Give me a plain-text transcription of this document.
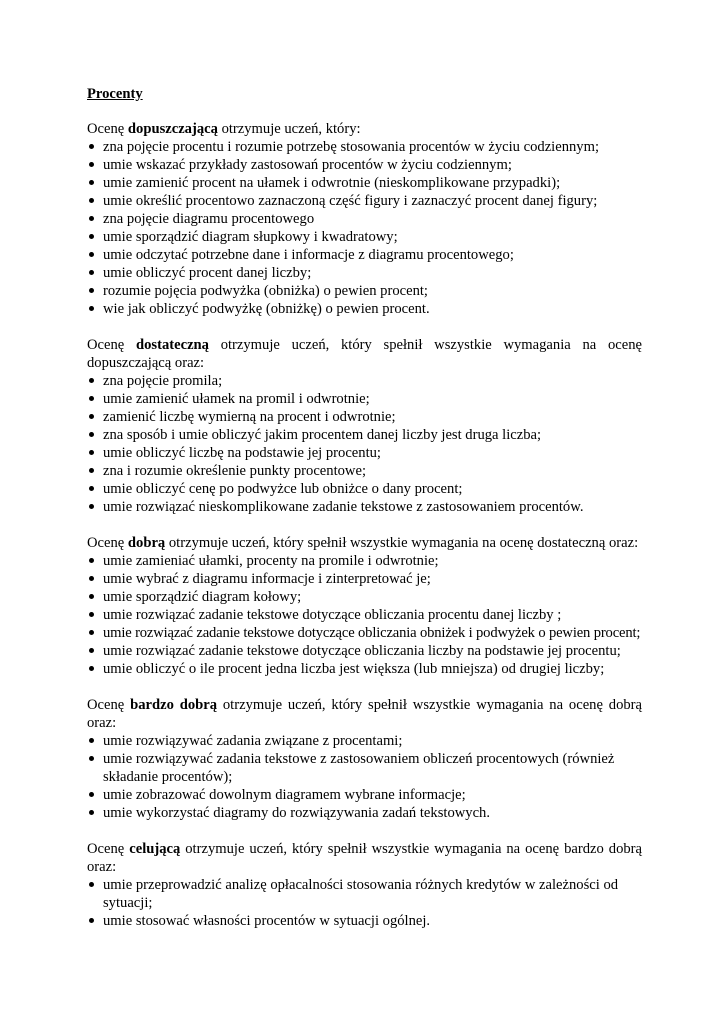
Procenty
Ocenę dopuszczającą otrzymuje uczeń, który:
zna pojęcie procentu i rozumie potrzebę stosowania procentów w życiu codziennym;
umie wskazać przykłady zastosowań procentów w życiu codziennym;
umie zamienić procent na ułamek i odwrotnie (nieskomplikowane przypadki);
umie określić procentowo zaznaczoną część figury i zaznaczyć procent danej figury;
zna pojęcie diagramu procentowego
umie sporządzić diagram słupkowy i kwadratowy;
umie odczytać potrzebne dane i informacje z diagramu procentowego;
umie obliczyć procent danej liczby;
rozumie pojęcia podwyżka (obniżka) o pewien procent;
wie jak obliczyć podwyżkę (obniżkę) o pewien procent.
Ocenę dostateczną otrzymuje uczeń, który spełnił wszystkie wymagania na ocenę dopuszczającą oraz:
zna pojęcie promila;
umie zamienić ułamek na promil i odwrotnie;
zamienić liczbę wymierną na procent i odwrotnie;
zna sposób i umie obliczyć jakim procentem danej liczby jest druga liczba;
umie obliczyć liczbę na podstawie jej procentu;
zna i rozumie określenie punkty procentowe;
umie obliczyć cenę po podwyżce lub obniżce o dany procent;
umie rozwiązać nieskomplikowane zadanie tekstowe z zastosowaniem procentów.
Ocenę dobrą otrzymuje uczeń, który spełnił wszystkie wymagania na ocenę dostateczną oraz:
umie zamieniać ułamki, procenty na promile i odwrotnie;
umie wybrać z diagramu informacje i zinterpretować je;
umie sporządzić diagram kołowy;
umie rozwiązać zadanie tekstowe dotyczące obliczania procentu danej liczby ;
umie rozwiązać zadanie tekstowe dotyczące obliczania obniżek i podwyżek o pewien procent;
umie rozwiązać zadanie tekstowe dotyczące obliczania liczby na podstawie jej procentu;
umie obliczyć o ile procent jedna liczba jest większa (lub mniejsza) od drugiej liczby;
Ocenę bardzo dobrą otrzymuje uczeń, który spełnił wszystkie wymagania na ocenę dobrą oraz:
umie rozwiązywać zadania związane z procentami;
umie rozwiązywać zadania tekstowe z zastosowaniem obliczeń procentowych (również składanie procentów);
umie zobrazować dowolnym diagramem wybrane informacje;
umie wykorzystać diagramy do rozwiązywania zadań tekstowych.
Ocenę celującą otrzymuje uczeń, który spełnił wszystkie wymagania na ocenę bardzo dobrą oraz:
umie przeprowadzić analizę opłacalności stosowania różnych kredytów w zależności od sytuacji;
umie stosować własności procentów w sytuacji ogólnej.
